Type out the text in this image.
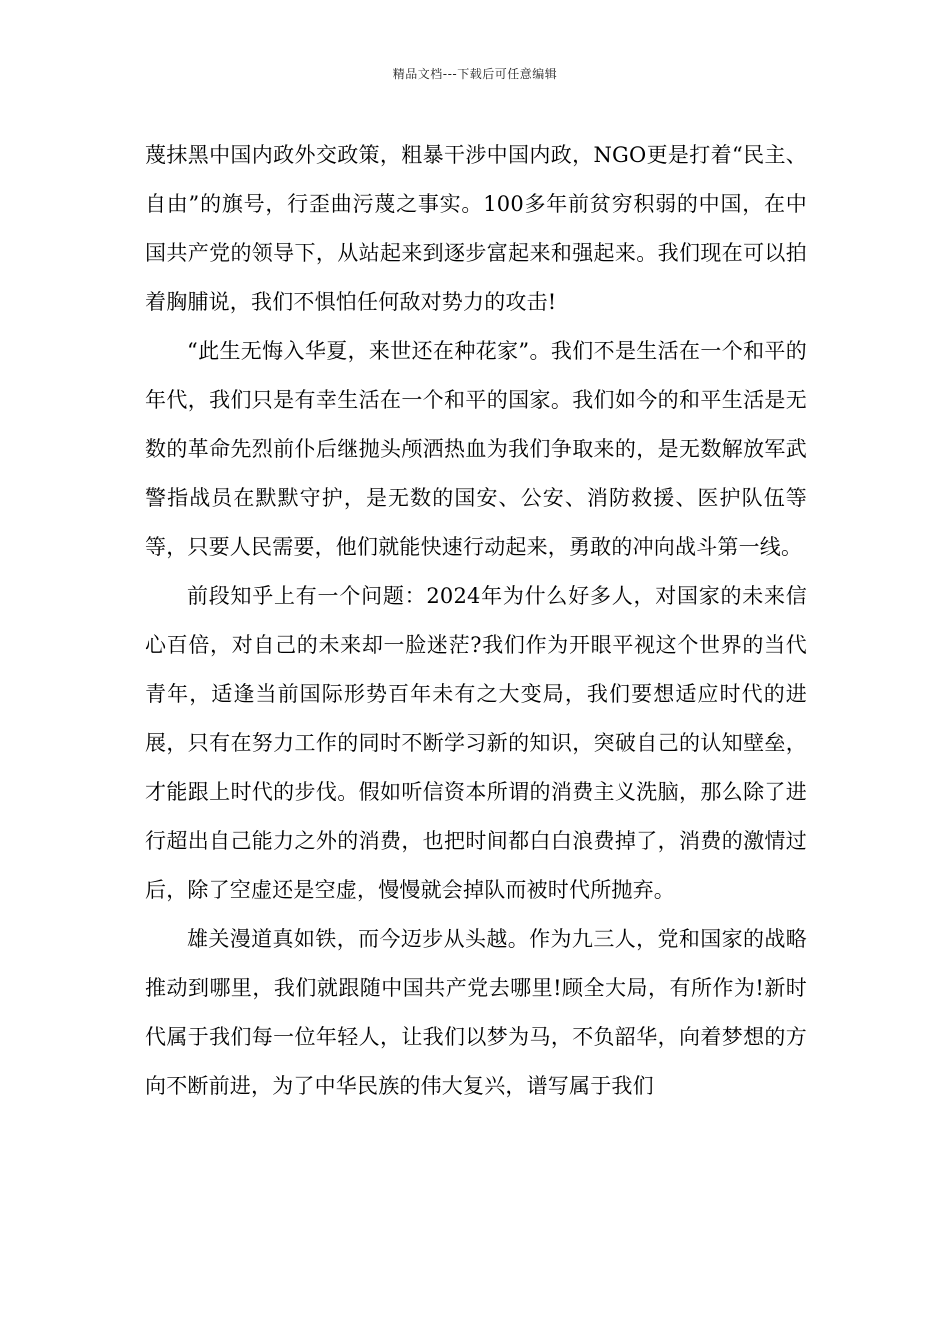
精品文档---下载后可任意编辑

蔑抹黑中国内政外交政策，粗暴干涉中国内政，NGO更是打着“民主、自由”的旗号，行歪曲污蔑之事实。100多年前贫穷积弱的中国，在中国共产党的领导下，从站起来到逐步富起来和强起来。我们现在可以拍着胸脯说，我们不惧怕任何敌对势力的攻击!

“此生无悔入华夏，来世还在种花家”。我们不是生活在一个和平的年代，我们只是有幸生活在一个和平的国家。我们如今的和平生活是无数的革命先烈前仆后继抛头颅洒热血为我们争取来的，是无数解放军武警指战员在默默守护，是无数的国安、公安、消防救援、医护队伍等等，只要人民需要，他们就能快速行动起来，勇敢的冲向战斗第一线。

前段知乎上有一个问题：2024年为什么好多人，对国家的未来信心百倍，对自己的未来却一脸迷茫?我们作为开眼平视这个世界的当代青年，适逢当前国际形势百年未有之大变局，我们要想适应时代的进展，只有在努力工作的同时不断学习新的知识，突破自己的认知壁垒，才能跟上时代的步伐。假如听信资本所谓的消费主义洗脑，那么除了进行超出自己能力之外的消费，也把时间都白白浪费掉了，消费的激情过后，除了空虚还是空虚，慢慢就会掉队而被时代所抛弃。

雄关漫道真如铁，而今迈步从头越。作为九三人，党和国家的战略推动到哪里，我们就跟随中国共产党去哪里!顾全大局，有所作为!新时代属于我们每一位年轻人，让我们以梦为马，不负韶华，向着梦想的方向不断前进，为了中华民族的伟大复兴，谱写属于我们
